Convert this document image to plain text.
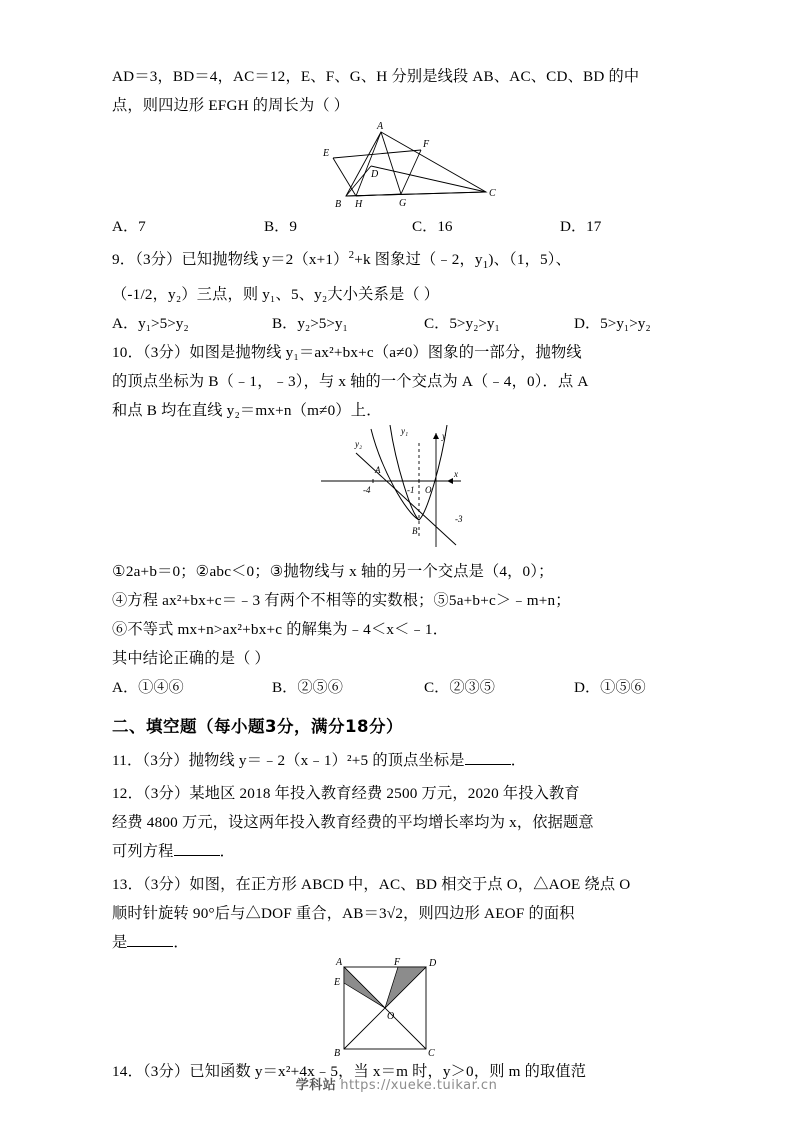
AD＝3，BD＝4，AC＝12，E、F、G、H 分别是线段 AB、AC、CD、BD 的中

点，则四边形 EFGH 的周长为（ ）

A
E
F
D
B H	G
C
A．7	B．9	C．16	D．17

9．（3分）已知抛物线 $y=2(x+1)^2+k$ 图象过（﹣2，$y_1$)、（1，5）、

（-1/2，y₂）三点，则 y₁、5、y₂大小关系是（ ）

A．y₁>5>y₂	B．y₂>5>y₁	C．5>y₂>y₁	D．5>y₁>y₂

10．（3分）如图是抛物线 y₁＝ax²+bx+c（a≠0）图象的一部分，抛物线

的顶点坐标为 B（﹣1，﹣3），与 x 轴的一个交点为 A（﹣4，0）．点 A

和点 B 均在直线 y₂＝mx+n（m≠0）上．

y₁
y₂
y
x
A
-4	-1 O
B
-3

①2a+b＝0；②abc＜0；③抛物线与 x 轴的另一个交点是（4，0）；

④方程 ax²+bx+c＝﹣3 有两个不相等的实数根；⑤5a+b+c＞﹣m+n；

⑥不等式 mx+n>ax²+bx+c 的解集为﹣4＜x＜﹣1．

其中结论正确的是（ ）

A．①④⑥	B．②⑤⑥	C．②③⑤	D．①⑤⑥

二、填空题（每小题3分，满分18分）

11．（3分）抛物线 y＝﹣2（x﹣1）²+5 的顶点坐标是	．

12．（3分）某地区 2018 年投入教育经费 2500 万元，2020 年投入教育

经费 4800 万元，设这两年投入教育经费的平均增长率均为 x，依据题意

可列方程	．

13．（3分）如图，在正方形 ABCD 中，AC、BD 相交于点 O，△AOE 绕点 O

顺时针旋转 90°后与△DOF 重合，AB＝3√2，则四边形 AEOF 的面积

是	．

A	F	D
E
O
B	C

14．（3分）已知函数 y＝x²+4x﹣5，当 x＝m 时，y＞0，则 m 的取值范

学科站 https://xueke.tuikar.cn
